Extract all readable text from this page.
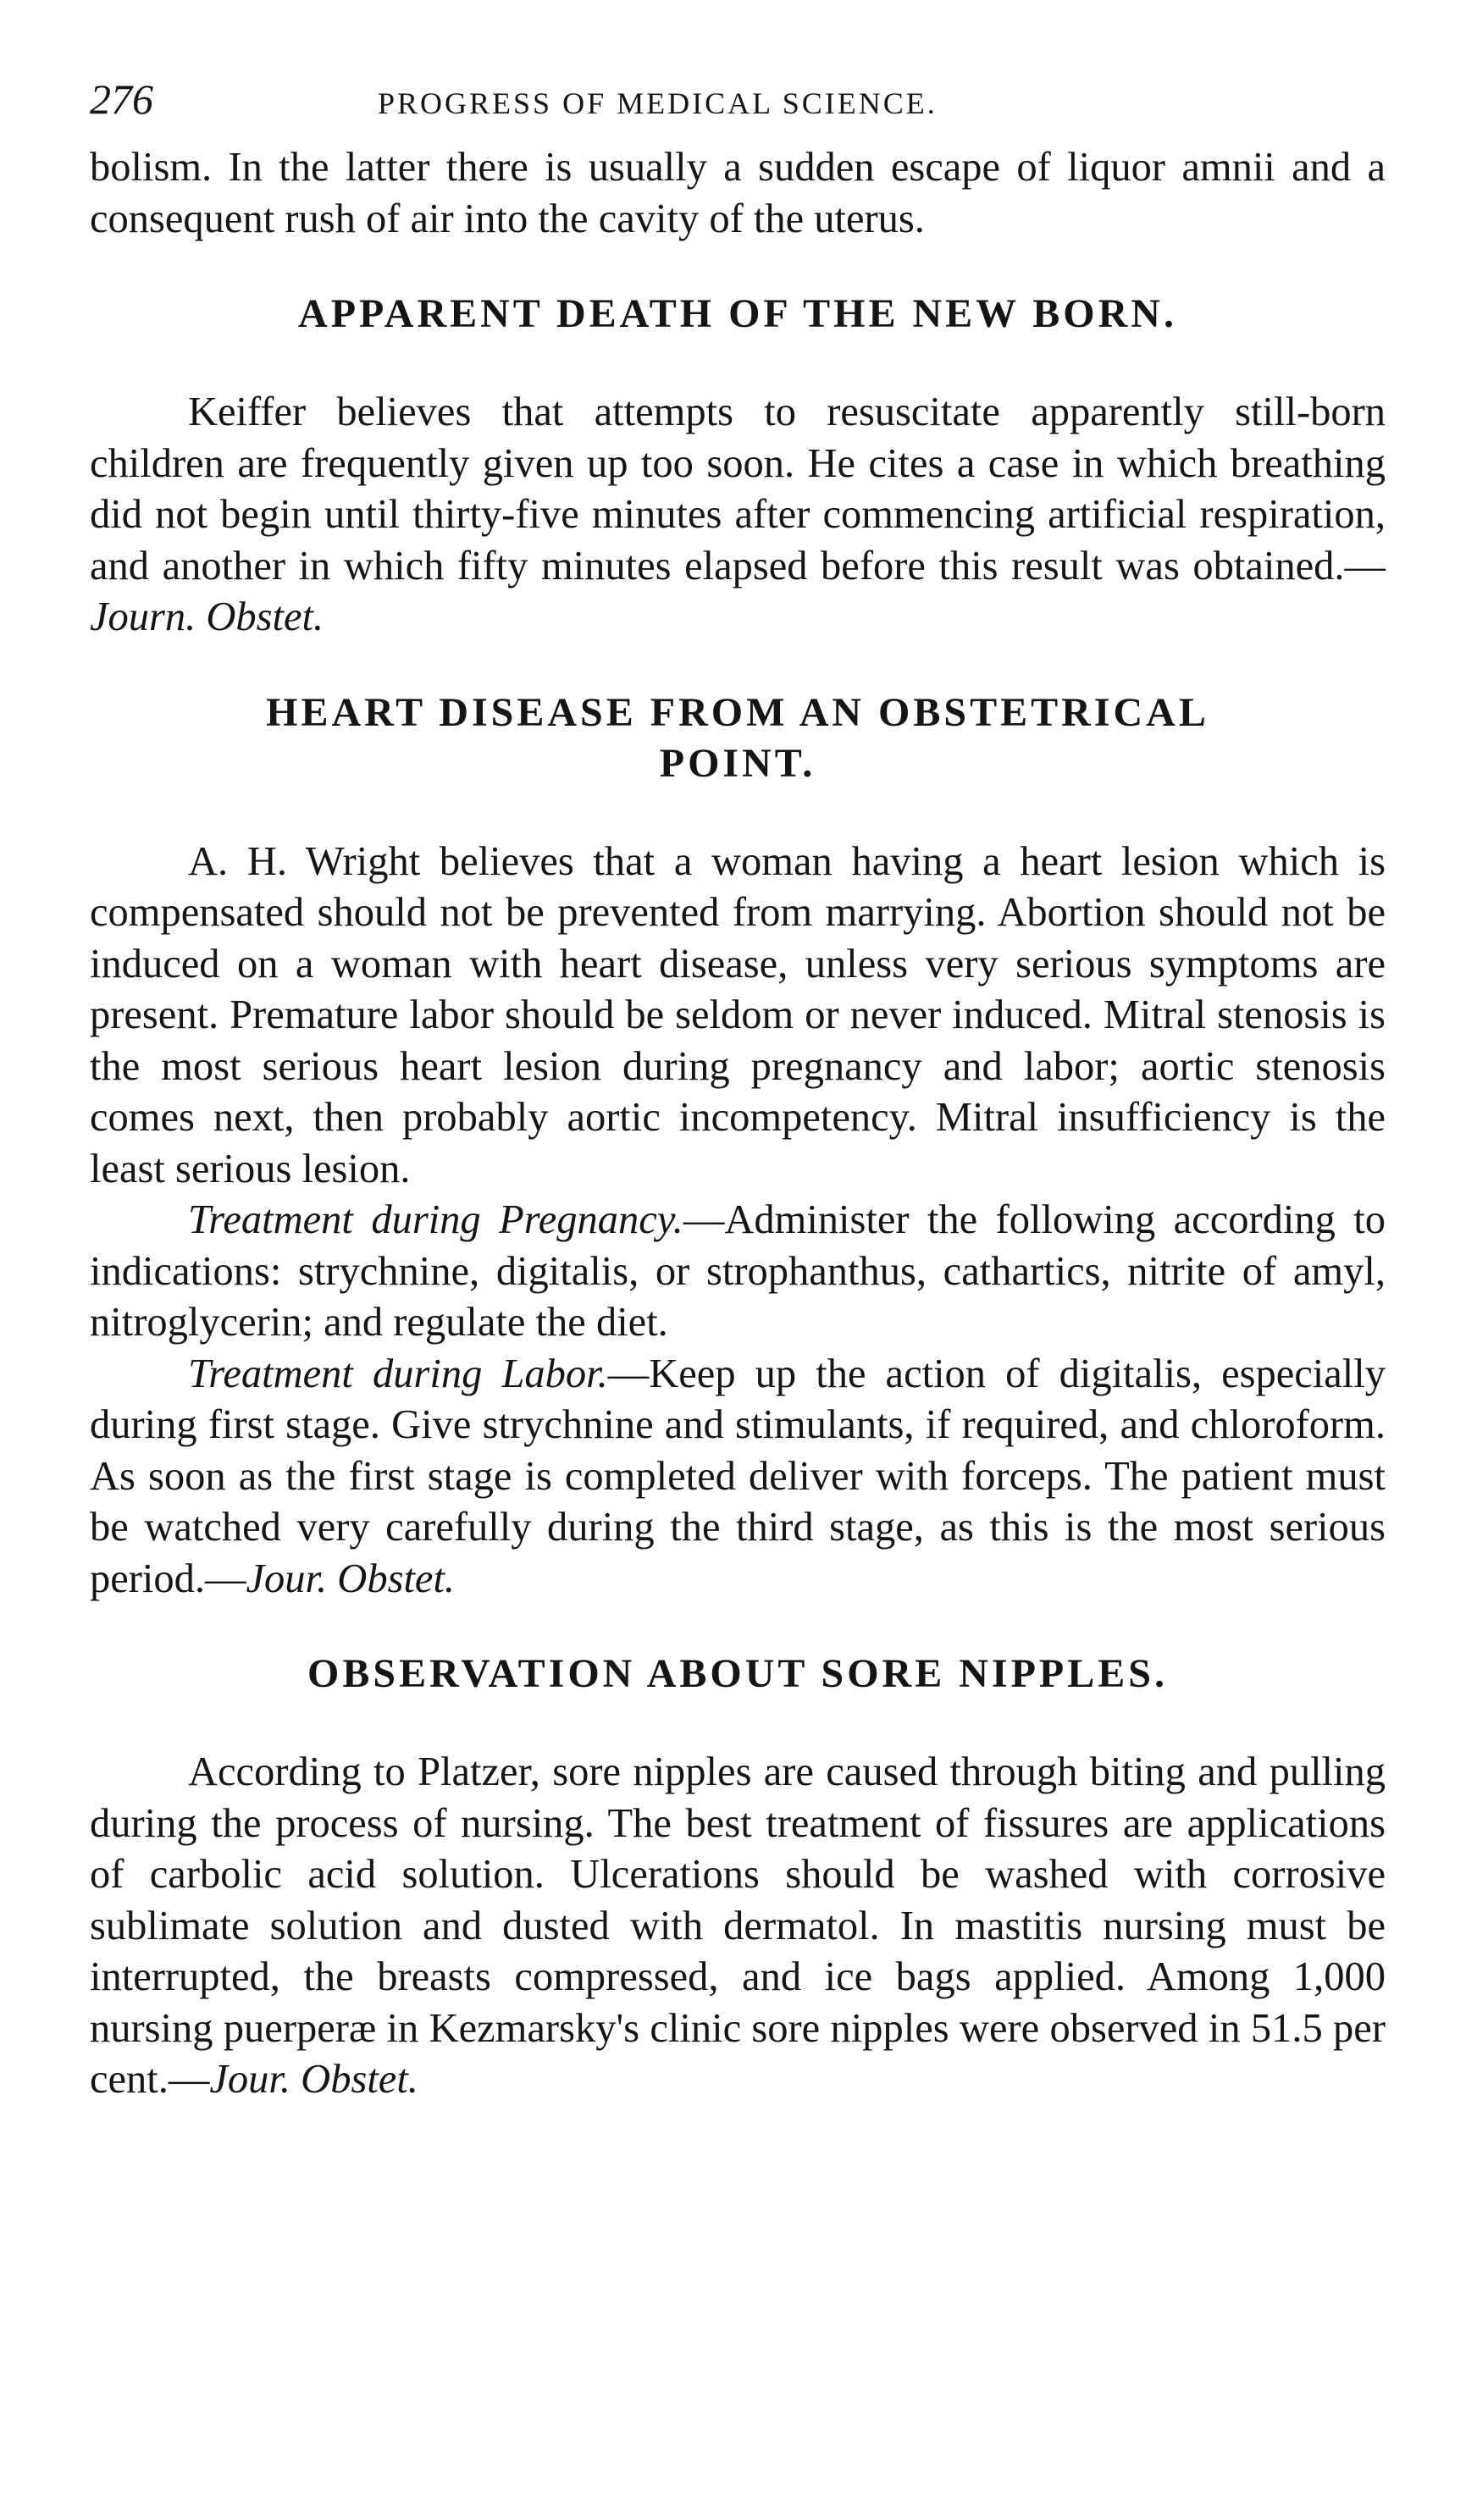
276	PROGRESS OF MEDICAL SCIENCE.

bolism. In the latter there is usually a sudden escape of liquor amnii and a consequent rush of air into the cavity of the uterus.

APPARENT DEATH OF THE NEW BORN.

Keiffer believes that attempts to resuscitate apparently still-born children are frequently given up too soon. He cites a case in which breathing did not begin until thirty-five minutes after commencing artificial respiration, and another in which fifty minutes elapsed before this result was obtained.—Journ. Obstet.

HEART DISEASE FROM AN OBSTETRICAL
POINT.

A. H. Wright believes that a woman having a heart lesion which is compensated should not be prevented from marrying. Abortion should not be induced on a woman with heart disease, unless very serious symptoms are present. Premature labor should be seldom or never induced. Mitral stenosis is the most serious heart lesion during pregnancy and labor; aortic stenosis comes next, then probably aortic incompetency. Mitral insufficiency is the least serious lesion.

Treatment during Pregnancy.—Administer the following according to indications: strychnine, digitalis, or strophanthus, cathartics, nitrite of amyl, nitroglycerin; and regulate the diet.

Treatment during Labor.—Keep up the action of digitalis, especially during first stage. Give strychnine and stimulants, if required, and chloroform. As soon as the first stage is completed deliver with forceps. The patient must be watched very carefully during the third stage, as this is the most serious period.—Jour. Obstet.

OBSERVATION ABOUT SORE NIPPLES.

According to Platzer, sore nipples are caused through biting and pulling during the process of nursing. The best treatment of fissures are applications of carbolic acid solution. Ulcerations should be washed with corrosive sublimate solution and dusted with dermatol. In mastitis nursing must be interrupted, the breasts compressed, and ice bags applied. Among 1,000 nursing puerperæ in Kezmarsky's clinic sore nipples were observed in 51.5 per cent.—Jour. Obstet.
